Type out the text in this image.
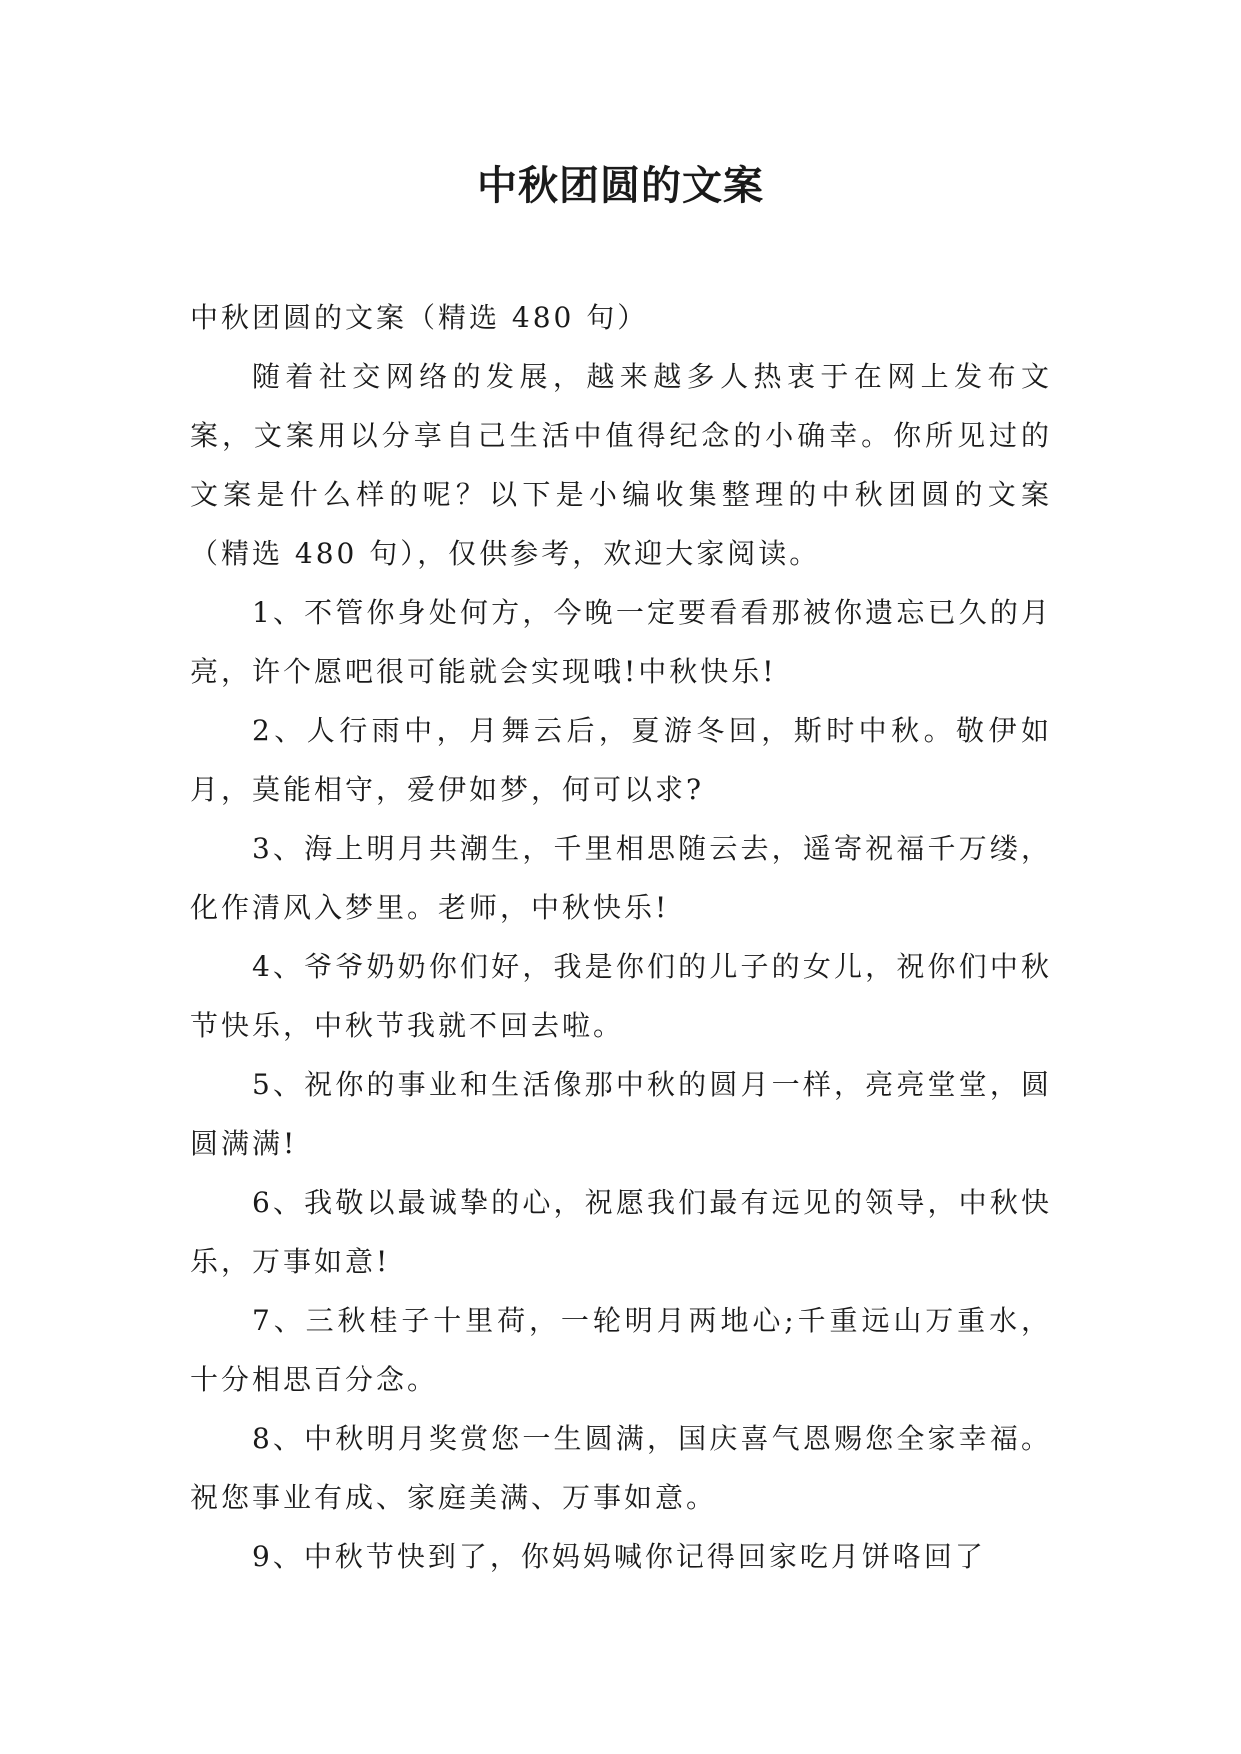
中秋团圆的文案

中秋团圆的文案（精选 480 句）

随着社交网络的发展，越来越多人热衷于在网上发布文案，文案用以分享自己生活中值得纪念的小确幸。你所见过的文案是什么样的呢？以下是小编收集整理的中秋团圆的文案（精选 480 句），仅供参考，欢迎大家阅读。

1、不管你身处何方，今晚一定要看看那被你遗忘已久的月亮，许个愿吧很可能就会实现哦!中秋快乐!

2、人行雨中，月舞云后，夏游冬回，斯时中秋。敬伊如月，莫能相守，爱伊如梦，何可以求?

3、海上明月共潮生，千里相思随云去，遥寄祝福千万缕，化作清风入梦里。老师，中秋快乐!

4、爷爷奶奶你们好，我是你们的儿子的女儿，祝你们中秋节快乐，中秋节我就不回去啦。

5、祝你的事业和生活像那中秋的圆月一样，亮亮堂堂，圆圆满满!

6、我敬以最诚挚的心，祝愿我们最有远见的领导，中秋快乐，万事如意!

7、三秋桂子十里荷，一轮明月两地心;千重远山万重水，十分相思百分念。

8、中秋明月奖赏您一生圆满，国庆喜气恩赐您全家幸福。祝您事业有成、家庭美满、万事如意。

9、中秋节快到了，你妈妈喊你记得回家吃月饼咯回了
